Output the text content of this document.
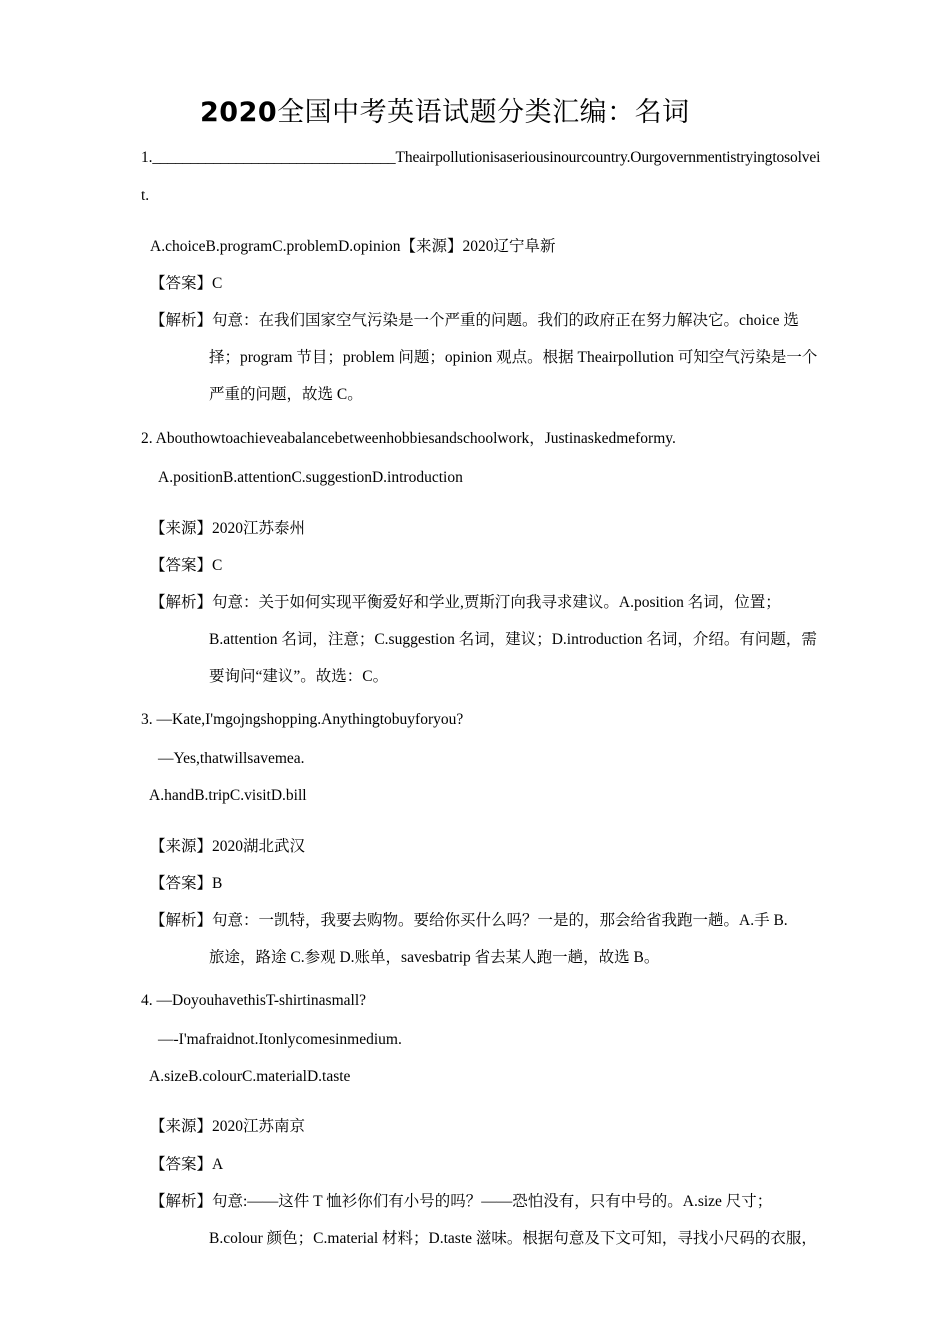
2020全国中考英语试题分类汇编：名词
1.________________________________Theairpollutionisaseriousinourcountry.Ourgovernmentistryingtosolvei
t.
A.choiceB.programC.problemD.opinion【来源】2020辽宁阜新
【答案】C
【解析】句意：在我们国家空气污染是一个严重的问题。我们的政府正在努力解决它。choice 选
择；program 节目；problem 问题；opinion 观点。根据 Theairpollution 可知空气污染是一个
严重的问题，故选 C。
2. Abouthowtoachieveabalancebetweenhobbiesandschoolwork，Justinaskedmeformy.
A.positionB.attentionC.suggestionD.introduction
【来源】2020江苏泰州
【答案】C
【解析】句意：关于如何实现平衡爱好和学业,贾斯汀向我寻求建议。A.position 名词，位置；
B.attention 名词，注意；C.suggestion 名词，建议；D.introduction 名词，介绍。有问题，需
要询问“建议”。故选：C。
3. —Kate,I'mgojngshopping.Anythingtobuyforyou?
—Yes,thatwillsavemea.
A.handB.tripC.visitD.bill
【来源】2020湖北武汉
【答案】B
【解析】句意：一凯特，我要去购物。要给你买什么吗？一是的，那会给省我跑一趟。A.手 B.
旅途，路途 C.参观 D.账单，savesbatrip 省去某人跑一趟，故选 B。
4. —DoyouhavethisT-shirtinasmall?
—-I'mafraidnot.Itonlycomesinmedium.
A.sizeB.colourC.materialD.taste
【来源】2020江苏南京
【答案】A
【解析】句意:——这件 T 恤衫你们有小号的吗？——恐怕没有，只有中号的。A.size 尺寸；
B.colour 颜色；C.material 材料；D.taste 滋味。根据句意及下文可知，寻找小尺码的衣服，
